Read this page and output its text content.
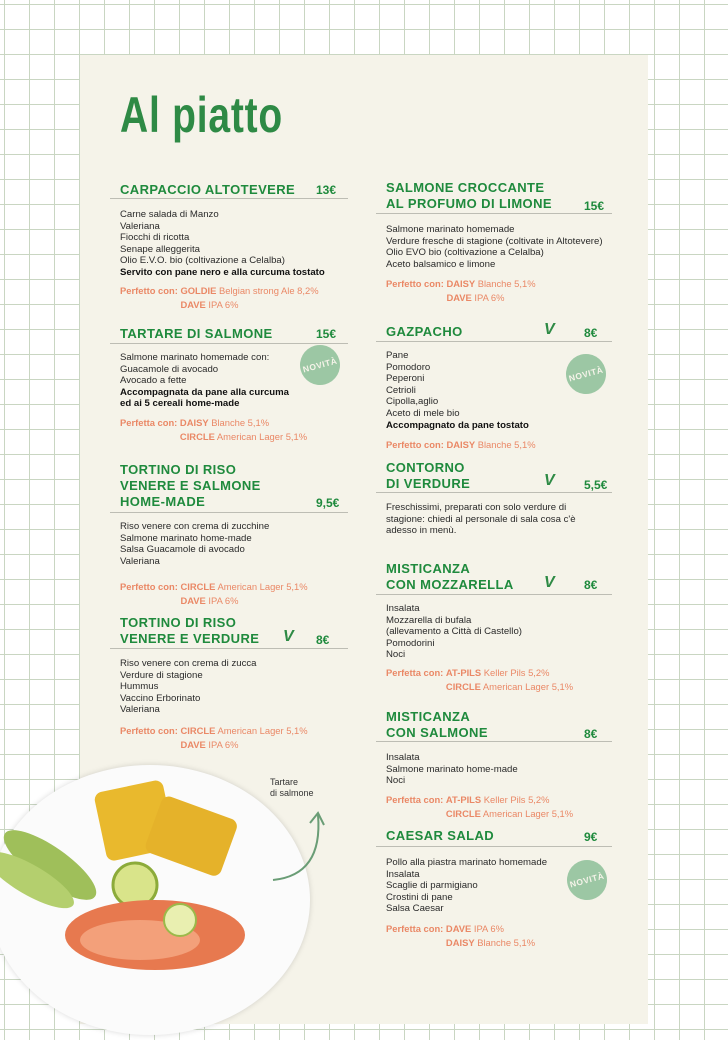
Al piatto
Tartare
di salmone
CARPACCIO ALTOTEVERE 13€
Carne salada di Manzo
Valeriana
Fiocchi di ricotta
Senape alleggerita
Olio E.V.O. bio (coltivazione a Celalba)
Servito con pane nero e alla curcuma tostato
Perfetto con: GOLDIE Belgian strong Ale 8,2%
DAVE IPA 6%
TARTARE DI SALMONE	15€
Salmone marinato homemade con:
Guacamole di avocado
Avocado a fette
Accompagnata da pane alla curcuma
ed ai 5 cereali home-made
Perfetta con: DAISY Blanche 5,1%
CIRCLE American Lager 5,1%
NOVITÀ
TORTINO DI RISO
VENERE E SALMONE
HOME-MADE	9,5€
Riso venere con crema di zucchine
Salmone marinato home-made
Salsa Guacamole di avocado
Valeriana
Perfetto con: CIRCLE American Lager 5,1%
DAVE IPA 6%
TORTINO DI RISO
VENERE E VERDURE	8€
V
Riso venere con crema di zucca
Verdure di stagione
Hummus
Vaccino Erborinato
Valeriana
Perfetto con: CIRCLE American Lager 5,1%
DAVE IPA 6%
SALMONE CROCCANTE
AL PROFUMO DI LIMONE	15€
Salmone marinato homemade
Verdure fresche di stagione (coltivate in Altotevere)
Olio EVO bio (coltivazione a Celalba)
Aceto balsamico e limone
Perfetto con: DAISY Blanche 5,1%
DAVE IPA 6%
GAZPACHO	8€
V
Pane
Pomodoro
Peperoni
Cetrioli
Cipolla,aglio
Aceto di mele bio
Accompagnato da pane tostato
Perfetto con: DAISY Blanche 5,1%
NOVITÀ
CONTORNO
DI VERDURE	5,5€
V
Freschissimi, preparati con solo verdure di
stagione: chiedi al personale di sala cosa c'è
adesso in menù.
MISTICANZA
CON MOZZARELLA	8€
V
Insalata
Mozzarella di bufala
(allevamento a Città di Castello)
Pomodorini
Noci
Perfetta con: AT-PILS Keller Pils 5,2%
CIRCLE American Lager 5,1%
MISTICANZA
CON SALMONE	8€
Insalata
Salmone marinato home-made
Noci
Perfetta con: AT-PILS Keller Pils 5,2%
CIRCLE American Lager 5,1%
CAESAR SALAD	9€
Pollo alla piastra marinato homemade
Insalata
Scaglie di parmigiano
Crostini di pane
Salsa Caesar
Perfetta con: DAVE IPA 6%
DAISY Blanche 5,1%
NOVITÀ
